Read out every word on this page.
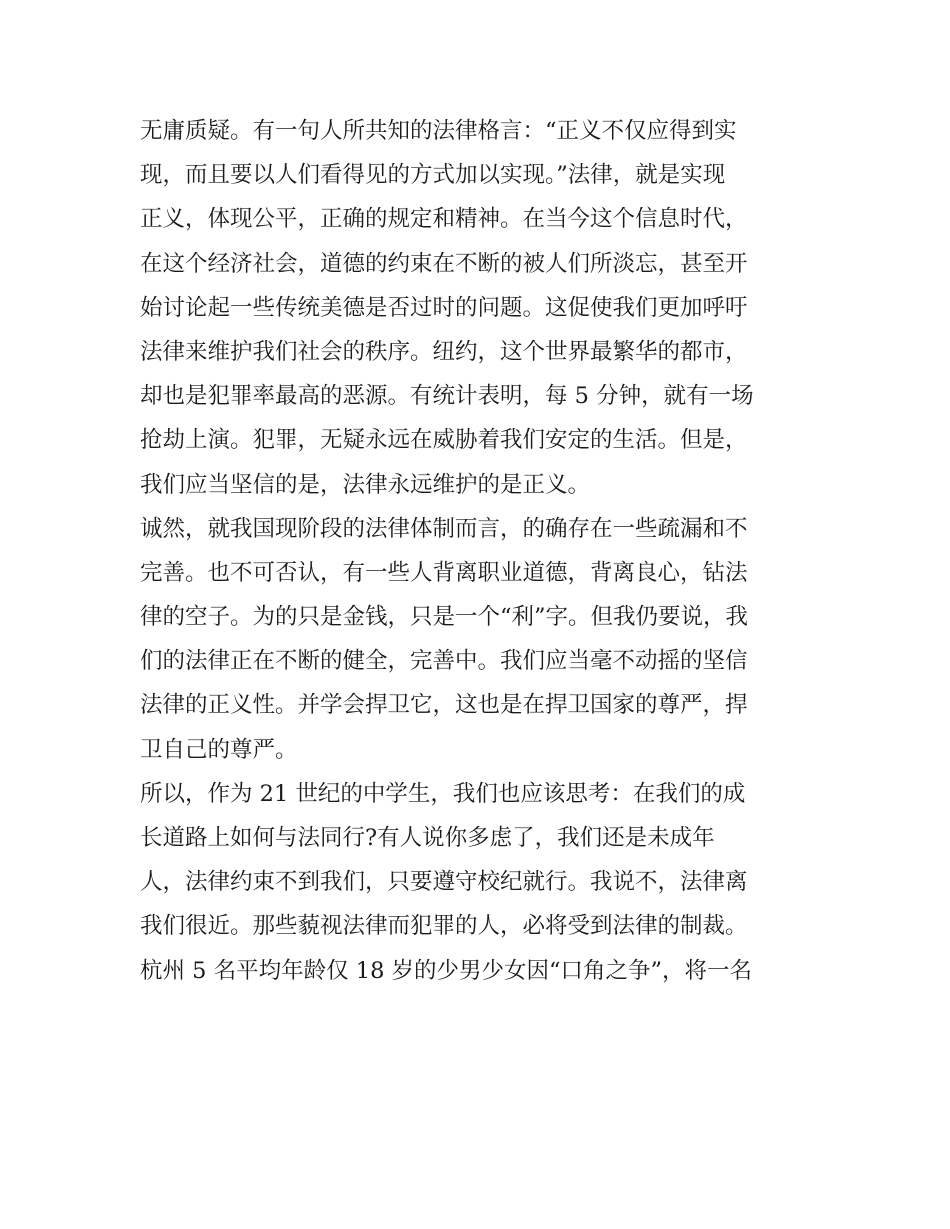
无庸质疑。有一句人所共知的法律格言：“正义不仅应得到实
现，而且要以人们看得见的方式加以实现。”法律，就是实现
正义，体现公平，正确的规定和精神。在当今这个信息时代，
在这个经济社会，道德的约束在不断的被人们所淡忘，甚至开
始讨论起一些传统美德是否过时的问题。这促使我们更加呼吁
法律来维护我们社会的秩序。纽约，这个世界最繁华的都市，
却也是犯罪率最高的恶源。有统计表明，每 5 分钟，就有一场
抢劫上演。犯罪，无疑永远在威胁着我们安定的生活。但是，
我们应当坚信的是，法律永远维护的是正义。
诚然，就我国现阶段的法律体制而言，的确存在一些疏漏和不
完善。也不可否认，有一些人背离职业道德，背离良心，钻法
律的空子。为的只是金钱，只是一个“利”字。但我仍要说，我
们的法律正在不断的健全，完善中。我们应当毫不动摇的坚信
法律的正义性。并学会捍卫它，这也是在捍卫国家的尊严，捍
卫自己的尊严。
所以，作为 21 世纪的中学生，我们也应该思考：在我们的成
长道路上如何与法同行?有人说你多虑了，我们还是未成年
人，法律约束不到我们，只要遵守校纪就行。我说不，法律离
我们很近。那些藐视法律而犯罪的人，必将受到法律的制裁。
杭州 5 名平均年龄仅 18 岁的少男少女因“口角之争”，将一名
